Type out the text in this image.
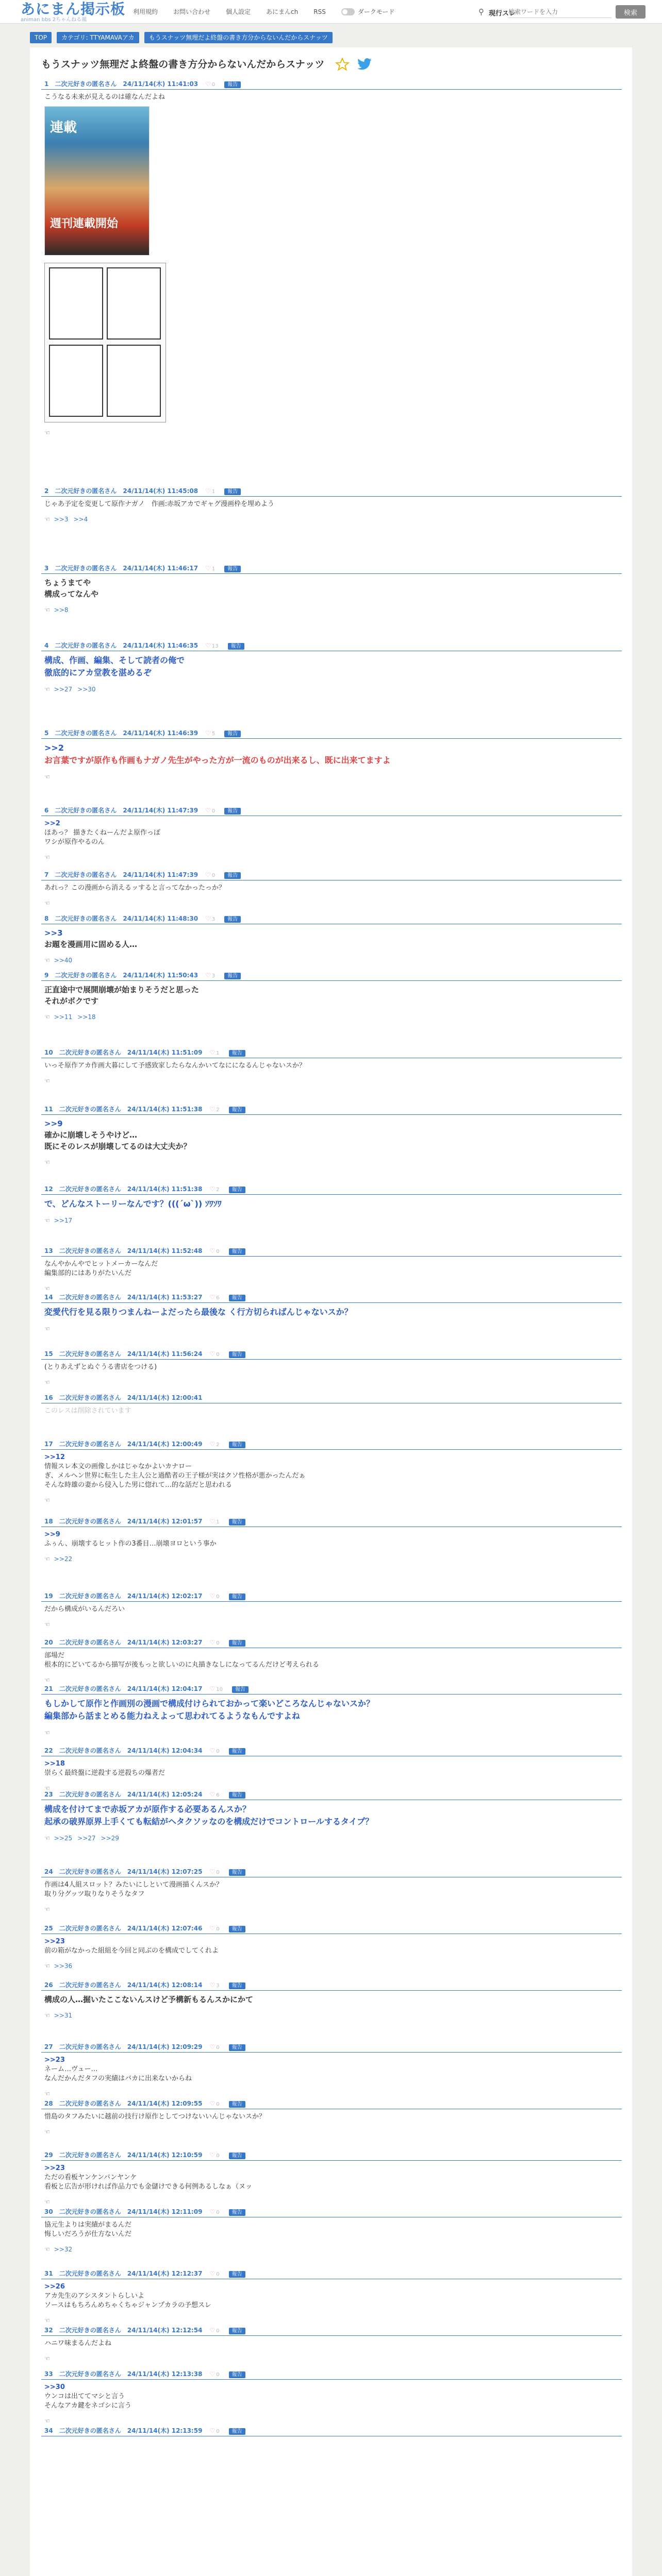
あにまん掲示板
animan bbs 2ちゃんねる風
利用規約	お問い合わせ	個人設定	あにまんch	RSS	ダークモード	⚲ 現行スレ
検索ワードを入力	検索
TOP	カテゴリ: TTYAMAVAアカ	もうスナッツ無理だよ終盤の書き方分からないんだからスナッツ
もうスナッツ無理だよ終盤の書き方分からないんだからスナッツ
1 二次元好きの匿名さん 24/11/14(木) 11:41:03 ♡ 0 報告
こうなる未来が見えるのは確なんだよね
週刊連載開始
連載
☜
2 二次元好きの匿名さん 24/11/14(木) 11:45:08 ♡ 1 報告
じゃあ予定を変更して原作ナガノ　作画:赤坂アカでギャグ漫画枠を埋めよう
☜ >>3 >>4
3 二次元好きの匿名さん 24/11/14(木) 11:46:17 ♡ 1 報告
ちょうまてや
構成ってなんや
☜ >>8
4 二次元好きの匿名さん 24/11/14(木) 11:46:35 ♡ 13 報告
構成、作画、編集、そして読者の俺で
徹底的にアカ堂教を湛めるぞ
☜ >>27 >>30
5 二次元好きの匿名さん 24/11/14(木) 11:46:39 ♡ 5 報告
>>2
お言葉ですが原作も作画もナガノ先生がやった方が一流のものが出来るし、既に出来てますよ
☜
6 二次元好きの匿名さん 24/11/14(木) 11:47:39 ♡ 0 報告
>>2
ほあっ？ 描きたくねーんだよ原作っぽ
ワシが原作やるのん
☜
7 二次元好きの匿名さん 24/11/14(木) 11:47:39 ♡ 0 報告
あれっ？この漫画から消えるッすると言ってなかったっか？
☜
8 二次元好きの匿名さん 24/11/14(木) 11:48:30 ♡ 3 報告
>>3
お題を漫画用に固める人…
☜ >>40
9 二次元好きの匿名さん 24/11/14(木) 11:50:43 ♡ 3 報告
正直途中で展開崩壊が始まりそうだと思った
それがボクです
☜ >>11 >>18
10 二次元好きの匿名さん 24/11/14(木) 11:51:09 ♡ 1 報告
いっそ原作アカ作画大暮にして予感致家したらなんかいてなにになるんじゃないスか？
☜
11 二次元好きの匿名さん 24/11/14(木) 11:51:38 ♡ 2 報告
>>9
確かに崩壊しそうやけど…
既にそのレスが崩壊してるのは大丈夫か？
☜
12 二次元好きの匿名さん 24/11/14(木) 11:51:38 ♡ 2 報告
で、どんなストーリーなんです？(((´ω`)) ｿﾜｿﾜ
☜ >>17
13 二次元好きの匿名さん 24/11/14(木) 11:52:48 ♡ 0 報告
なんやかんやでヒットメーカーなんだ
編集部的にはありがたいんだ
☜
14 二次元好きの匿名さん 24/11/14(木) 11:53:27 ♡ 6 報告
変愛代行を見る限りつまんねーよだったら最後な く行方切らればんじゃないスか？
☜
15 二次元好きの匿名さん 24/11/14(木) 11:56:24 ♡ 0 報告
(とりあえずとぬぐうる書店をつける)
☜
16 二次元好きの匿名さん 24/11/14(木) 12:00:41
このレスは削除されています
17 二次元好きの匿名さん 24/11/14(木) 12:00:49 ♡ 2 報告
>>12
情報スレ本文の画像しかはじゃなかよいカナロー
ぎ、メルヘン世界に転生した主人公と過酷者の王子様が実はクソ性格が悪かったんだぁ
そんな時雄の妻から侵入した男に惚れて…的な話だと思われる
☜
18 二次元好きの匿名さん 24/11/14(木) 12:01:57 ♡ 1 報告
>>9
ふぅん、崩壊するヒット作の3番目…崩壊ヨロという事か
☜ >>22
19 二次元好きの匿名さん 24/11/14(木) 12:02:17 ♡ 0 報告
だから構成がいるんだろい
☜
20 二次元好きの匿名さん 24/11/14(木) 12:03:27 ♡ 0 報告
部場だ
根本的にどいてるから描写が後もっと欲しいのに丸描きなしになってるんだけど考えられる
☜
21 二次元好きの匿名さん 24/11/14(木) 12:04:17 ♡ 10 報告
もしかして原作と作画別の漫画で構成付けられておかって楽いどころなんじゃないスか？
編集部から話まとめる能力ねえよって思われてるようなもんですよね
☜
22 二次元好きの匿名さん 24/11/14(木) 12:04:34 ♡ 0 報告
>>18
崇らく最終盤に逆殺する逆殺ちの爆者だ
☜
23 二次元好きの匿名さん 24/11/14(木) 12:05:24 ♡ 6 報告
構成を付けてまで赤坂アカが原作する必要あるんスか？
起承の破界原界上手くても転結がヘタクソッなのを構成だけでコントロールするタイプ？
☜ >>25 >>27 >>29
24 二次元好きの匿名さん 24/11/14(木) 12:07:25 ♡ 0 報告
作画は4人組スロット？みたいにしといて漫画描くんスか？
取り分グッツ取りなりそうなタフ
☜
25 二次元好きの匿名さん 24/11/14(木) 12:07:46 ♡ 0 報告
>>23
前の箱がなかった組組を今回と同ぶのを構成でしてくれよ
☜ >>36
26 二次元好きの匿名さん 24/11/14(木) 12:08:14 ♡ 3 報告
構成の人…掘いたここないんスけど予構新もるんスかにかて
☜ >>31
27 二次元好きの匿名さん 24/11/14(木) 12:09:29 ♡ 0 報告
>>23
ネーム…ヴュー…
なんだかんだタフの実績はバカに出来ないからね
☜
28 二次元好きの匿名さん 24/11/14(木) 12:09:55 ♡ 0 報告
惜島のタフみたいに越前の技行け原作としてつけないいんじゃないスか？
☜
29 二次元好きの匿名さん 24/11/14(木) 12:10:59 ♡ 0 報告
>>23
ただの看板ヤンケンパンヤンケ
看板と広告が形ければ作品力でも金儲けできる何例あるしなぁ（ヌッ
☜
30 二次元好きの匿名さん 24/11/14(木) 12:11:09 ♡ 0 報告
協元生よりは実績がまるんだ
悔しいだろうが仕方ないんだ
☜ >>32
31 二次元好きの匿名さん 24/11/14(木) 12:12:37 ♡ 0 報告
>>26
アカ先生のアシスタントらしいよ
ソースはもちろんめちゃくちゃジャンプカラの予想スレ
☜
32 二次元好きの匿名さん 24/11/14(木) 12:12:54 ♡ 0 報告
ハニワ味まるんだよね
☜
33 二次元好きの匿名さん 24/11/14(木) 12:13:38 ♡ 0 報告
>>30
ウンコは出ててマシと言う
そんなアカ鍵をネゴシに言う
☜
34 二次元好きの匿名さん 24/11/14(木) 12:13:59 ♡ 0 報告
